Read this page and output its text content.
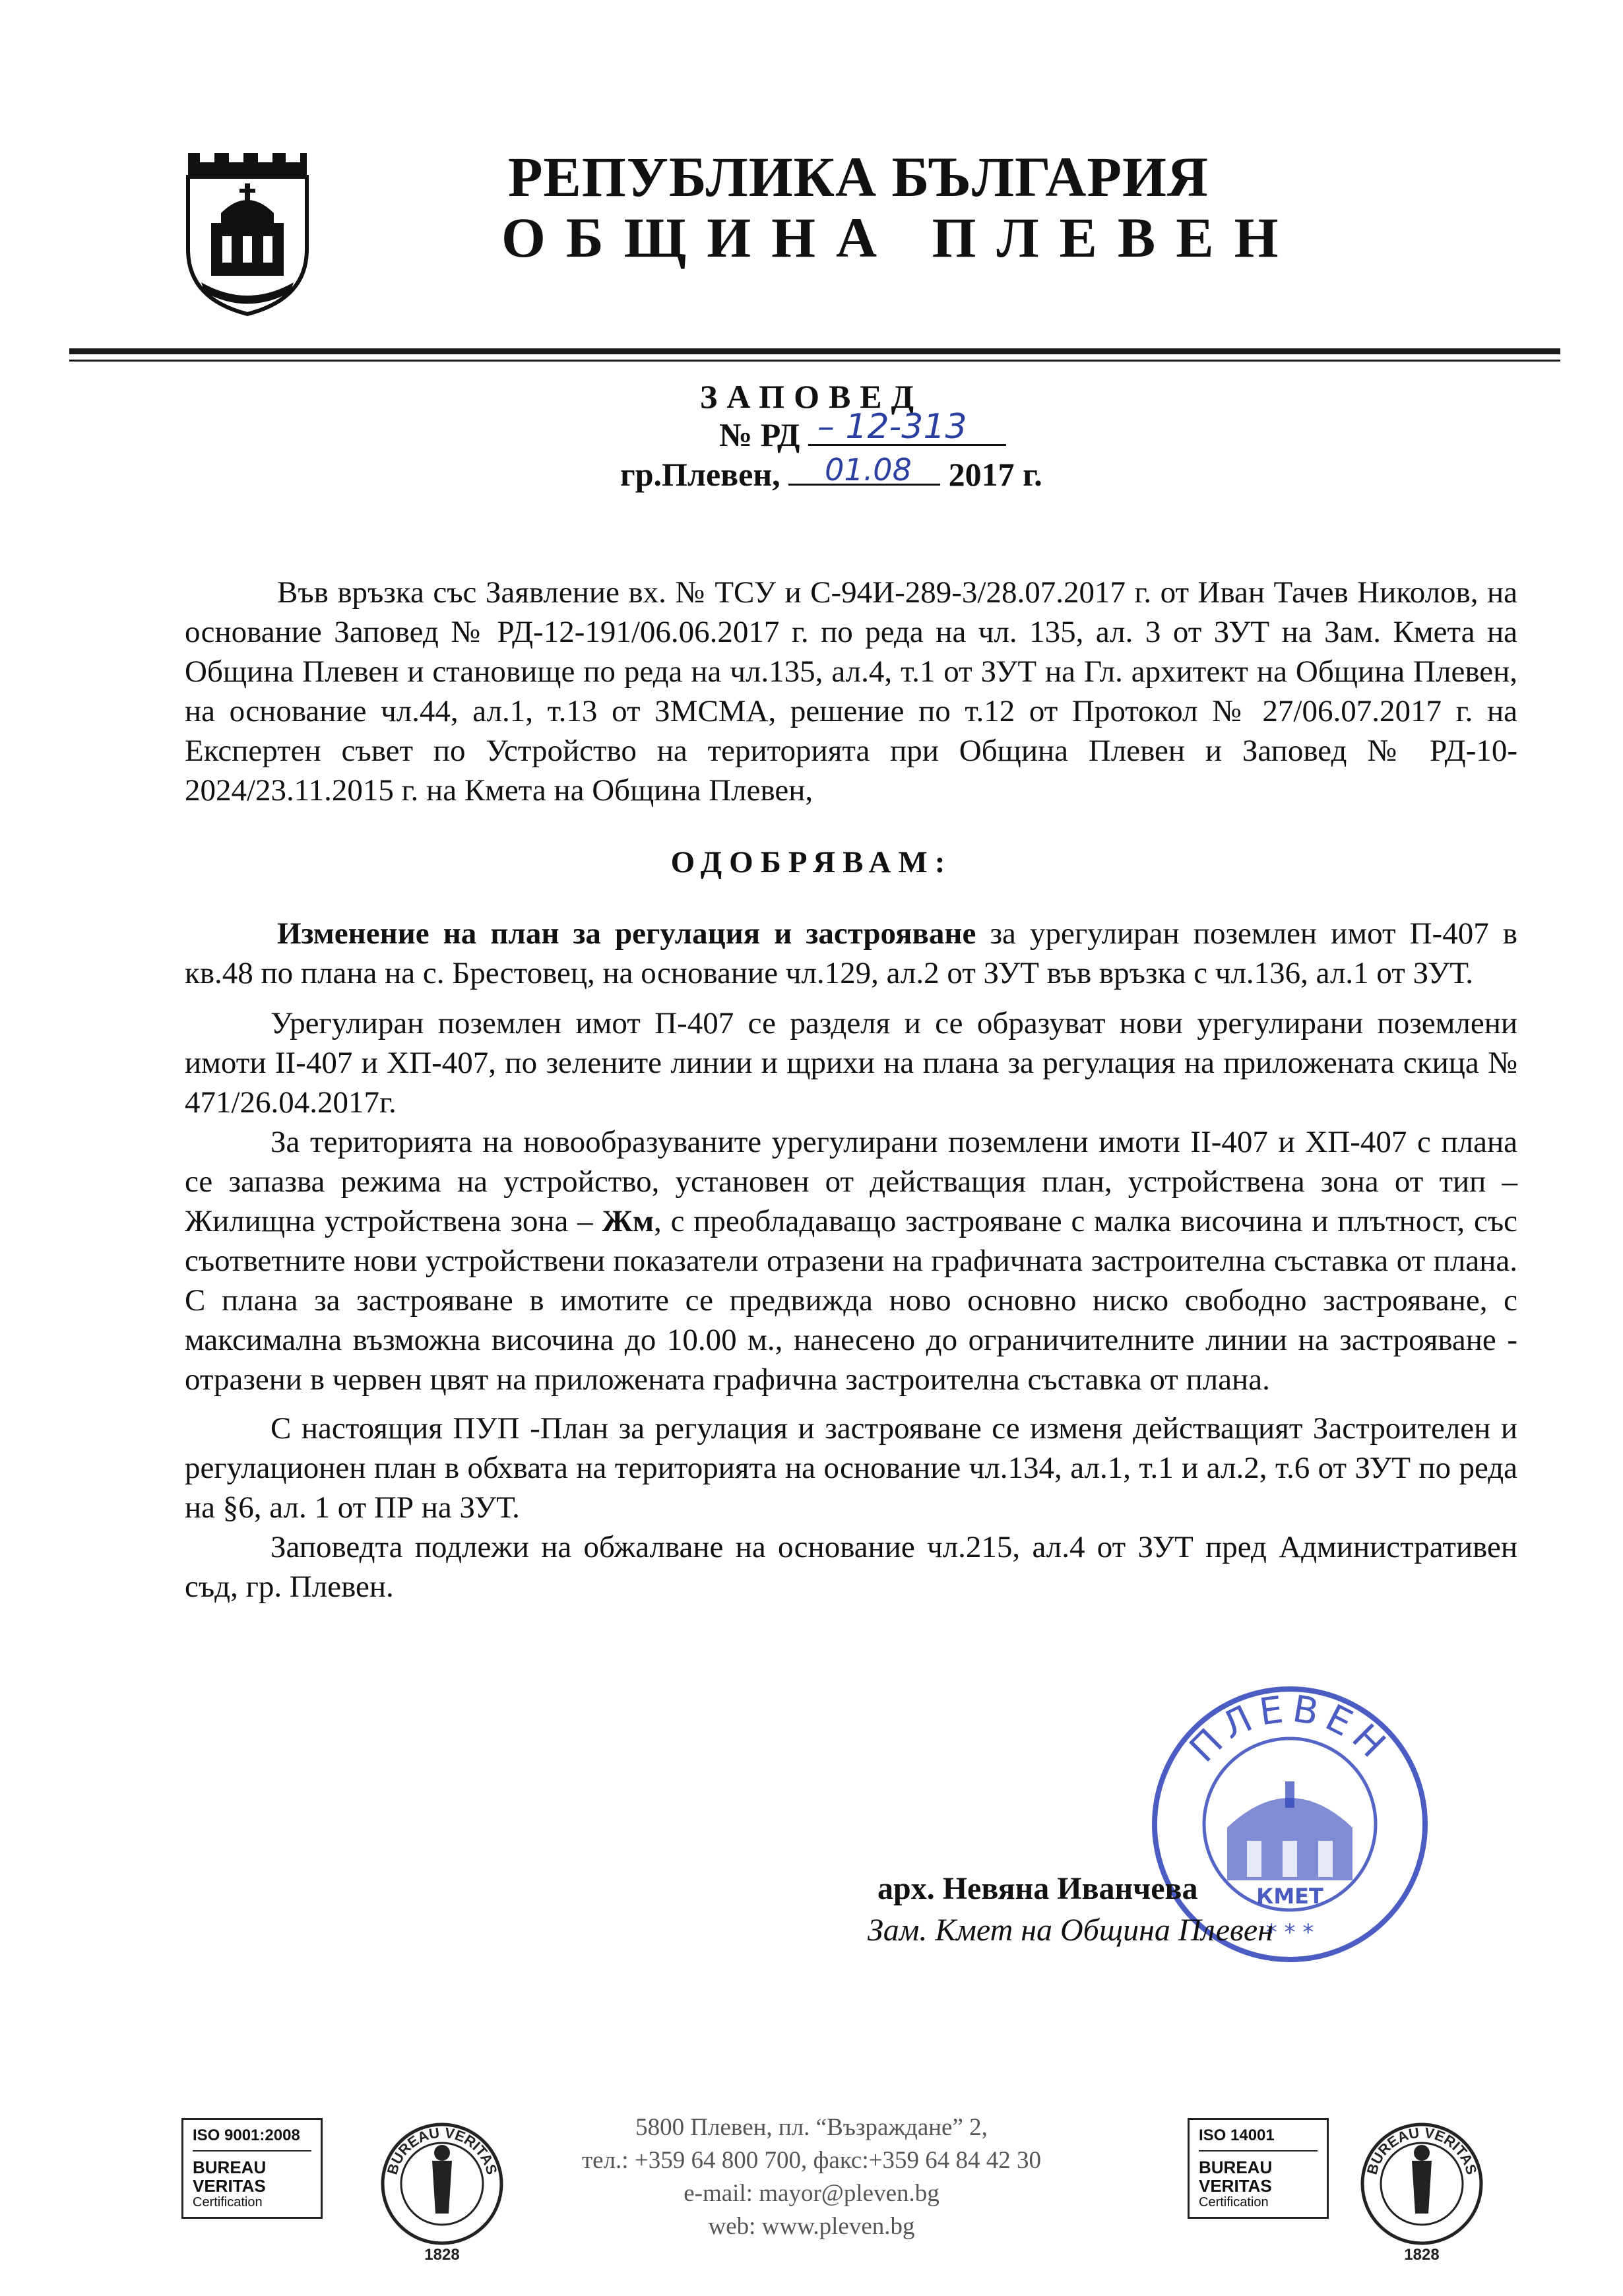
РЕПУБЛИКА БЪЛГАРИЯ
ОБЩИНА ПЛЕВЕН
ЗАПОВЕД
№ РД – 12-313
гр.Плевен, 01.08 2017 г.

Във връзка със Заявление вх. № ТСУ и С-94И-289-3/28.07.2017 г. от Иван Тачев Николов, на основание Заповед № РД-12-191/06.06.2017 г. по реда на чл. 135, ал. 3 от ЗУТ на Зам. Кмета на Община Плевен и становище по реда на чл.135, ал.4, т.1 от ЗУТ на Гл. архитект на Община Плевен, на основание чл.44, ал.1, т.13 от ЗМСМА, решение по т.12 от Протокол № 27/06.07.2017 г. на Експертен съвет по Устройство на територията при Община Плевен и Заповед № РД-10-2024/23.11.2015 г. на Кмета на Община Плевен,

ОДОБРЯВАМ:

Изменение на план за регулация и застрояване за урегулиран поземлен имот П-407 в кв.48 по плана на с. Брестовец, на основание чл.129, ал.2 от ЗУТ във връзка с чл.136, ал.1 от ЗУТ.

Урегулиран поземлен имот П-407 се разделя и се образуват нови урегулирани поземлени имоти II-407 и ХП-407, по зелените линии и щрихи на плана за регулация на приложената скица № 471/26.04.2017г.

За територията на новообразуваните урегулирани поземлени имоти II-407 и ХП-407 с плана се запазва режима на устройство, установен от действащия план, устройствена зона от тип – Жилищна устройствена зона – Жм, с преобладаващо застрояване с малка височина и плътност, със съответните нови устройствени показатели отразени на графичната застроителна съставка от плана. С плана за застрояване в имотите се предвижда ново основно ниско свободно застрояване, с максимална възможна височина до 10.00 м., нанесено до ограничителните линии на застрояване - отразени в червен цвят на приложената графична застроителна съставка от плана.

С настоящия ПУП -План за регулация и застрояване се изменя действащият Застроителен и регулационен план в обхвата на територията на основание чл.134, ал.1, т.1 и ал.2, т.6 от ЗУТ по реда на §6, ал. 1 от ПР на ЗУТ.

Заповедта подлежи на обжалване на основание чл.215, ал.4 от ЗУТ пред Административен съд, гр. Плевен.

ПЛЕВЕН
КМЕТ
* * *
арх. Невяна Иванчева
Зам. Кмет на Община Плевен
ISO 9001:2008
BUREAU VERITAS
Certification
BUREAU VERITAS
1828
5800 Плевен, пл. “Възраждане” 2,
тел.: +359 64 800 700, факс:+359 64 84 42 30
e-mail: mayor@pleven.bg
web: www.pleven.bg
ISO 14001
BUREAU VERITAS
Certification
BUREAU VERITAS
1828
